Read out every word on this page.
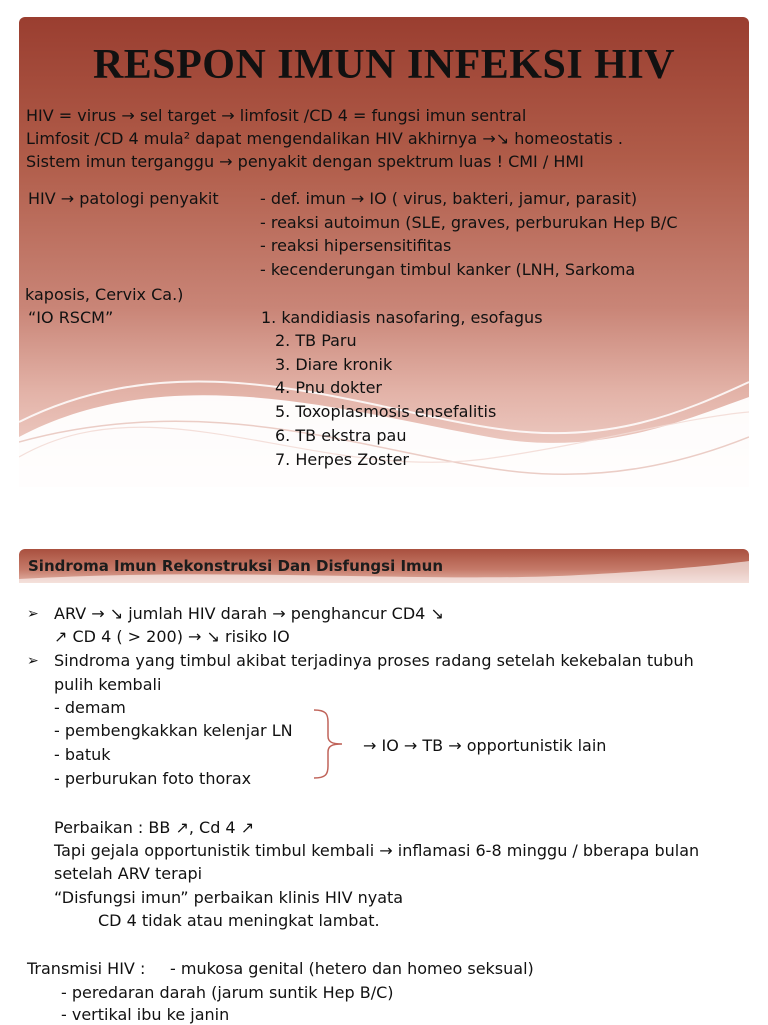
RESPON IMUN INFEKSI HIV
HIV = virus → sel target → limfosit /CD 4 = fungsi imun sentral
Limfosit /CD 4 mula² dapat mengendalikan HIV akhirnya →↘ homeostatis .
Sistem imun terganggu → penyakit dengan spektrum luas ! CMI / HMI
HIV → patologi penyakit	- def. imun → IO ( virus, bakteri, jamur, parasit)
- reaksi autoimun (SLE, graves, perburukan Hep B/C
- reaksi hipersensitifitas
- kecenderungan timbul kanker (LNH, Sarkoma
kaposis, Cervix Ca.)
“IO RSCM”	1. kandidiasis nasofaring, esofagus
2. TB Paru
3. Diare kronik
4. Pnu dokter
5. Toxoplasmosis ensefalitis
6. TB ekstra pau
7. Herpes Zoster
Sindroma Imun Rekonstruksi Dan Disfungsi Imun
➢ ARV → ↘ jumlah HIV darah → penghancur CD4 ↘
↗ CD 4 ( > 200) → ↘ risiko IO
➢ Sindroma yang timbul akibat terjadinya proses radang setelah kekebalan tubuh
pulih kembali
- demam
- pembengkakkan kelenjar LN
- batuk
- perburukan foto thorax
→ IO → TB → opportunistik lain
Perbaikan : BB ↗, Cd 4 ↗
Tapi gejala opportunistik timbul kembali → inflamasi 6-8 minggu / bberapa bulan
setelah ARV terapi
“Disfungsi imun” perbaikan klinis HIV nyata
CD 4 tidak atau meningkat lambat.
Transmisi HIV : - mukosa genital (hetero dan homeo seksual)
- peredaran darah (jarum suntik Hep B/C)
- vertikal ibu ke janin
